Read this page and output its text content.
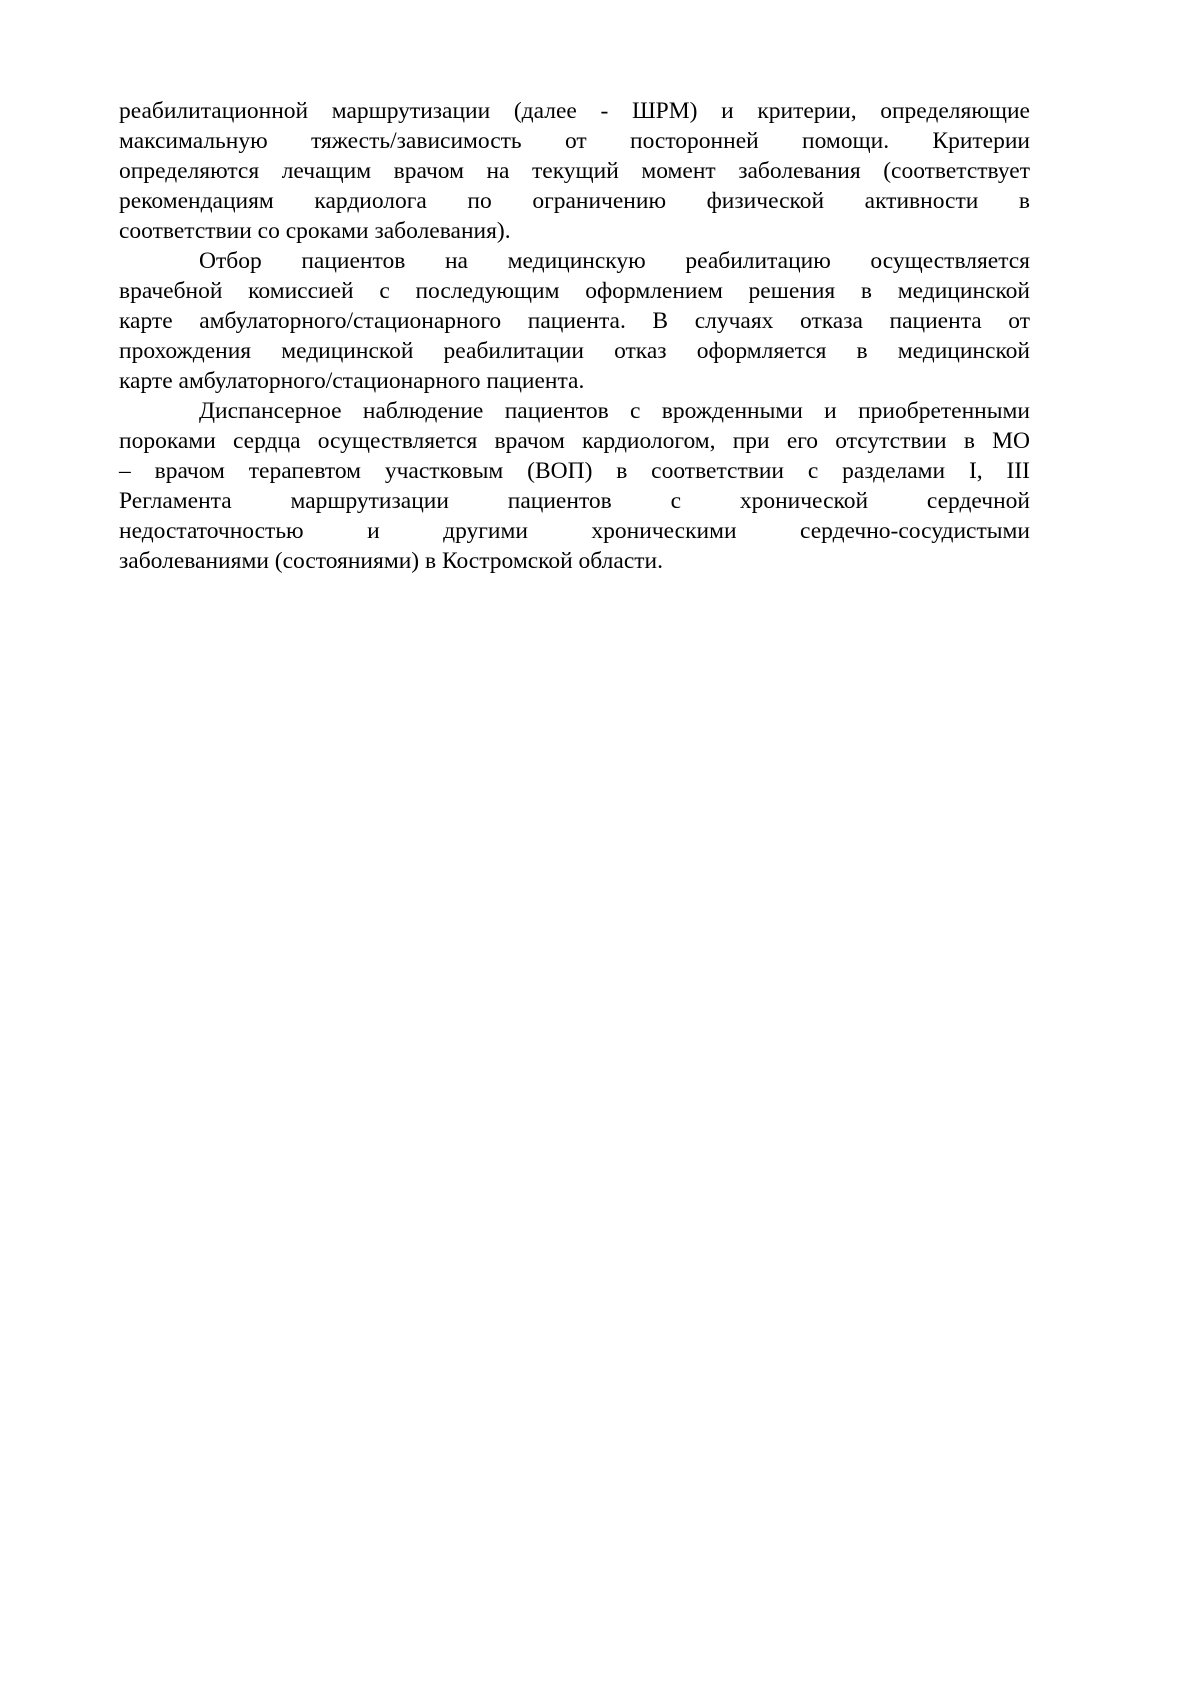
реабилитационной маршрутизации (далее - ШРМ) и критерии, определяющие
максимальную тяжесть/зависимость от посторонней помощи. Критерии
определяются лечащим врачом на текущий момент заболевания (соответствует
рекомендациям кардиолога по ограничению физической активности в
соответствии со сроками заболевания).

Отбор пациентов на медицинскую реабилитацию осуществляется
врачебной комиссией с последующим оформлением решения в медицинской
карте амбулаторного/стационарного пациента. В случаях отказа пациента от
прохождения медицинской реабилитации отказ оформляется в медицинской
карте амбулаторного/стационарного пациента.

Диспансерное наблюдение пациентов с врожденными и приобретенными
пороками сердца осуществляется врачом кардиологом, при его отсутствии в МО
– врачом терапевтом участковым (ВОП) в соответствии с разделами I, III
Регламента маршрутизации пациентов с хронической сердечной
недостаточностью и другими хроническими сердечно-сосудистыми
заболеваниями (состояниями) в Костромской области.
